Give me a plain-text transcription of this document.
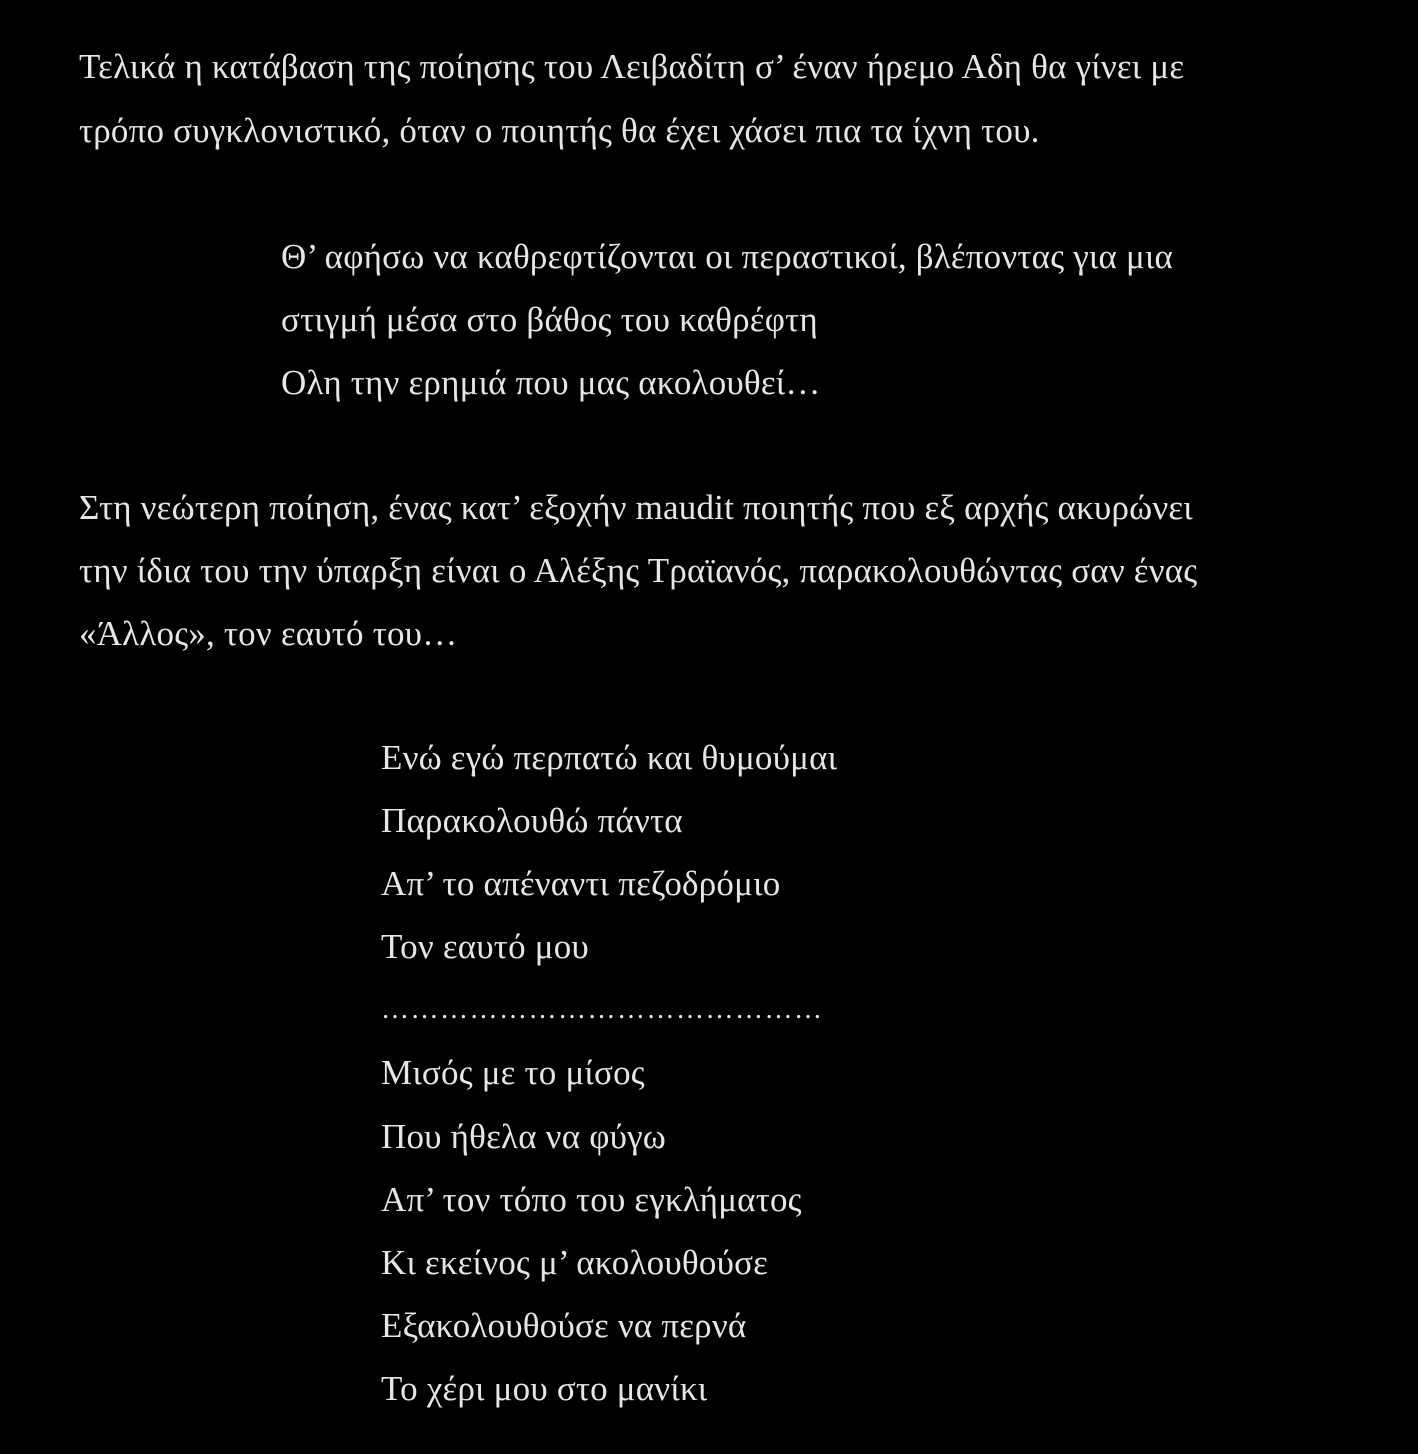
Τελικά η κατάβαση της ποίησης του Λειβαδίτη σ’ έναν ήρεμο Αδη θα γίνει με
τρόπο συγκλονιστικό, όταν ο ποιητής θα έχει χάσει πια τα ίχνη του.
Θ’ αφήσω να καθρεφτίζονται οι περαστικοί, βλέποντας για μια
στιγμή μέσα στο βάθος του καθρέφτη
Ολη την ερημιά που μας ακολουθεί…
Στη νεώτερη ποίηση, ένας κατ’ εξοχήν maudit ποιητής που εξ αρχής ακυρώνει
την ίδια του την ύπαρξη είναι ο Αλέξης Τραϊανός, παρακολουθώντας σαν ένας
«Άλλος», τον εαυτό του…
Ενώ εγώ περπατώ και θυμούμαι
Παρακολουθώ πάντα
Απ’ το απέναντι πεζοδρόμιο
Τον εαυτό μου
………………………………………
Μισός με το μίσος
Που ήθελα να φύγω
Απ’ τον τόπο του εγκλήματος
Κι εκείνος μ’ ακολουθούσε
Εξακολουθούσε να περνά
Το χέρι μου στο μανίκι
